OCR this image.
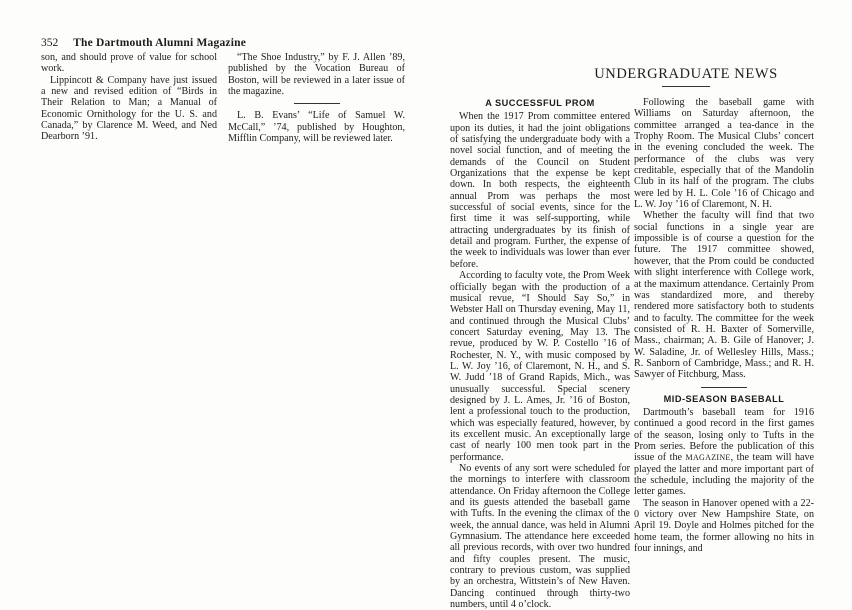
352 The Dartmouth Alumni Magazine

son, and should prove of value for school work.

Lippincott & Company have just issued a new and revised edition of “Birds in Their Relation to Man; a Manual of Economic Ornithology for the U. S. and Canada,” by Clarence M. Weed, and Ned Dearborn ’91.

“The Shoe Industry,” by F. J. Allen ’89, published by the Vocation Bureau of Boston, will be reviewed in a later issue of the magazine.

L. B. Evans’ “Life of Samuel W. McCall,” ’74, published by Houghton, Mifflin Company, will be reviewed later.

UNDERGRADUATE NEWS
A SUCCESSFUL PROM

When the 1917 Prom committee entered upon its duties, it had the joint obligations of satisfying the undergraduate body with a novel social function, and of meeting the demands of the Council on Student Organizations that the expense be kept down. In both respects, the eighteenth annual Prom was perhaps the most successful of social events, since for the first time it was self-supporting, while attracting undergraduates by its finish of detail and program. Further, the expense of the week to individuals was lower than ever before.

According to faculty vote, the Prom Week officially began with the production of a musical revue, “I Should Say So,” in Webster Hall on Thursday evening, May 11, and continued through the Musical Clubs’ concert Saturday evening, May 13. The revue, produced by W. P. Costello ’16 of Rochester, N. Y., with music composed by L. W. Joy ’16, of Claremont, N. H., and S. W. Judd ’18 of Grand Rapids, Mich., was unusually successful. Special scenery designed by J. L. Ames, Jr. ’16 of Boston, lent a professional touch to the production, which was especially featured, however, by its excellent music. An exceptionally large cast of nearly 100 men took part in the performance.

No events of any sort were scheduled for the mornings to interfere with classroom attendance. On Friday afternoon the College and its guests attended the baseball game with Tufts. In the evening the climax of the week, the annual dance, was held in Alumni Gymnasium. The attendance here exceeded all previous records, with over two hundred and fifty couples present. The music, contrary to previous custom, was supplied by an orchestra, Wittstein’s of New Haven. Dancing continued through thirty-two numbers, until 4 o’clock.

Following the baseball game with Williams on Saturday afternoon, the committee arranged a tea-dance in the Trophy Room. The Musical Clubs’ concert in the evening concluded the week. The performance of the clubs was very creditable, especially that of the Mandolin Club in its half of the program. The clubs were led by H. L. Cole ’16 of Chicago and L. W. Joy ’16 of Claremont, N. H.

Whether the faculty will find that two social functions in a single year are impossible is of course a question for the future. The 1917 committee showed, however, that the Prom could be conducted with slight interference with College work, at the maximum attendance. Certainly Prom was standardized more, and thereby rendered more satisfactory both to students and to faculty. The committee for the week consisted of R. H. Baxter of Somerville, Mass., chairman; A. B. Gile of Hanover; J. W. Saladine, Jr. of Wellesley Hills, Mass.; R. Sanborn of Cambridge, Mass.; and R. H. Sawyer of Fitchburg, Mass.

MID-SEASON BASEBALL

Dartmouth’s baseball team for 1916 continued a good record in the first games of the season, losing only to Tufts in the Prom series. Before the publication of this issue of the MAGAZINE, the team will have played the latter and more important part of the schedule, including the majority of the letter games.

The season in Hanover opened with a 22-0 victory over New Hampshire State, on April 19. Doyle and Holmes pitched for the home team, the former allowing no hits in four innings, and
